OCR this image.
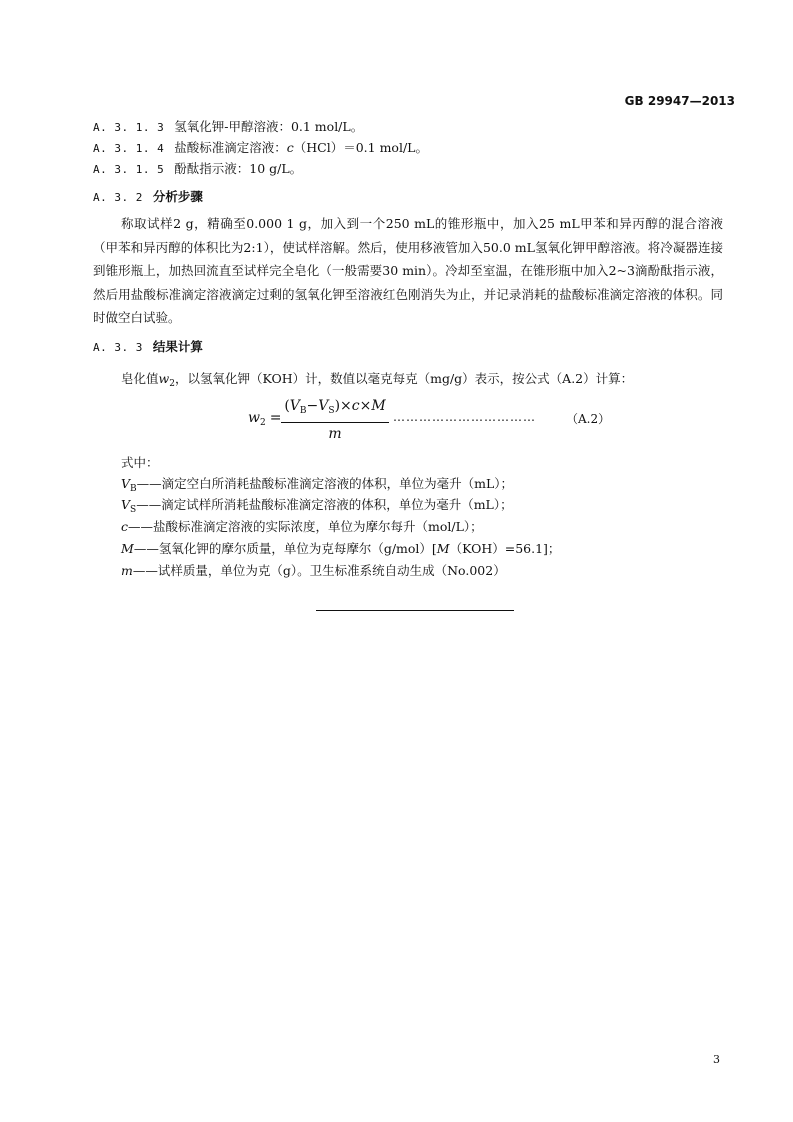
GB 29947—2013
A. 3. 1. 3 氢氧化钾-甲醇溶液：0.1 mol/L。
A. 3. 1. 4 盐酸标准滴定溶液：c（HCl）＝0.1 mol/L。
A. 3. 1. 5 酚酞指示液：10 g/L。
A. 3. 2 分析步骤
称取试样2 g，精确至0.000 1 g，加入到一个250 mL的锥形瓶中，加入25 mL甲苯和异丙醇的混合溶液（甲苯和异丙醇的体积比为2:1），使试样溶解。然后，使用移液管加入50.0 mL氢氧化钾甲醇溶液。将冷凝器连接到锥形瓶上，加热回流直至试样完全皂化（一般需要30 min）。冷却至室温，在锥形瓶中加入2~3滴酚酞指示液，然后用盐酸标准滴定溶液滴定过剩的氢氧化钾至溶液红色刚消失为止，并记录消耗的盐酸标准滴定溶液的体积。同时做空白试验。
A. 3. 3 结果计算
皂化值$w_2$，以氢氧化钾（KOH）计，数值以毫克每克（mg/g）表示，按公式（A.2）计算：
$w_2$ =
$(V_B-V_S)\times c\times M$
m
……………………………	（A.2）
式中：
$V_B——$滴定空白所消耗盐酸标准滴定溶液的体积，单位为毫升（mL）；
$V_S——$滴定试样所消耗盐酸标准滴定溶液的体积，单位为毫升（mL）；
c——盐酸标准滴定溶液的实际浓度，单位为摩尔每升（mol/L）；
M——氢氧化钾的摩尔质量，单位为克每摩尔（g/mol）[M（KOH）=56.1]；
m——试样质量，单位为克（g）。卫生标准系统自动生成（No.002）
3
